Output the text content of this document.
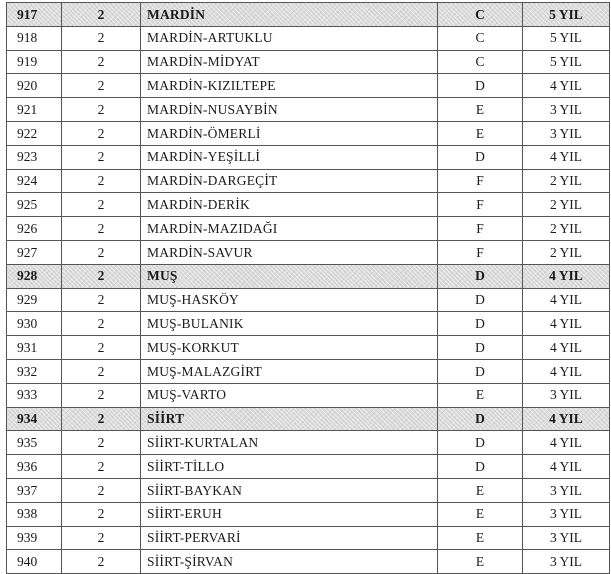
917	2	MARDİN	C	5 YIL
918	2	MARDİN-ARTUKLU	C	5 YIL
919	2	MARDİN-MİDYAT	C	5 YIL
920	2	MARDİN-KIZILTEPE	D	4 YIL
921	2	MARDİN-NUSAYBİN	E	3 YIL
922	2	MARDİN-ÖMERLİ	E	3 YIL
923	2	MARDİN-YEŞİLLİ	D	4 YIL
924	2	MARDİN-DARGEÇİT	F	2 YIL
925	2	MARDİN-DERİK	F	2 YIL
926	2	MARDİN-MAZIDAĞI	F	2 YIL
927	2	MARDİN-SAVUR	F	2 YIL
928	2	MUŞ	D	4 YIL
929	2	MUŞ-HASKÖY	D	4 YIL
930	2	MUŞ-BULANIK	D	4 YIL
931	2	MUŞ-KORKUT	D	4 YIL
932	2	MUŞ-MALAZGİRT	D	4 YIL
933	2	MUŞ-VARTO	E	3 YIL
934	2	SİİRT	D	4 YIL
935	2	SİİRT-KURTALAN	D	4 YIL
936	2	SİİRT-TİLLO	D	4 YIL
937	2	SİİRT-BAYKAN	E	3 YIL
938	2	SİİRT-ERUH	E	3 YIL
939	2	SİİRT-PERVARİ	E	3 YIL
940	2	SİİRT-ŞİRVAN	E	3 YIL
